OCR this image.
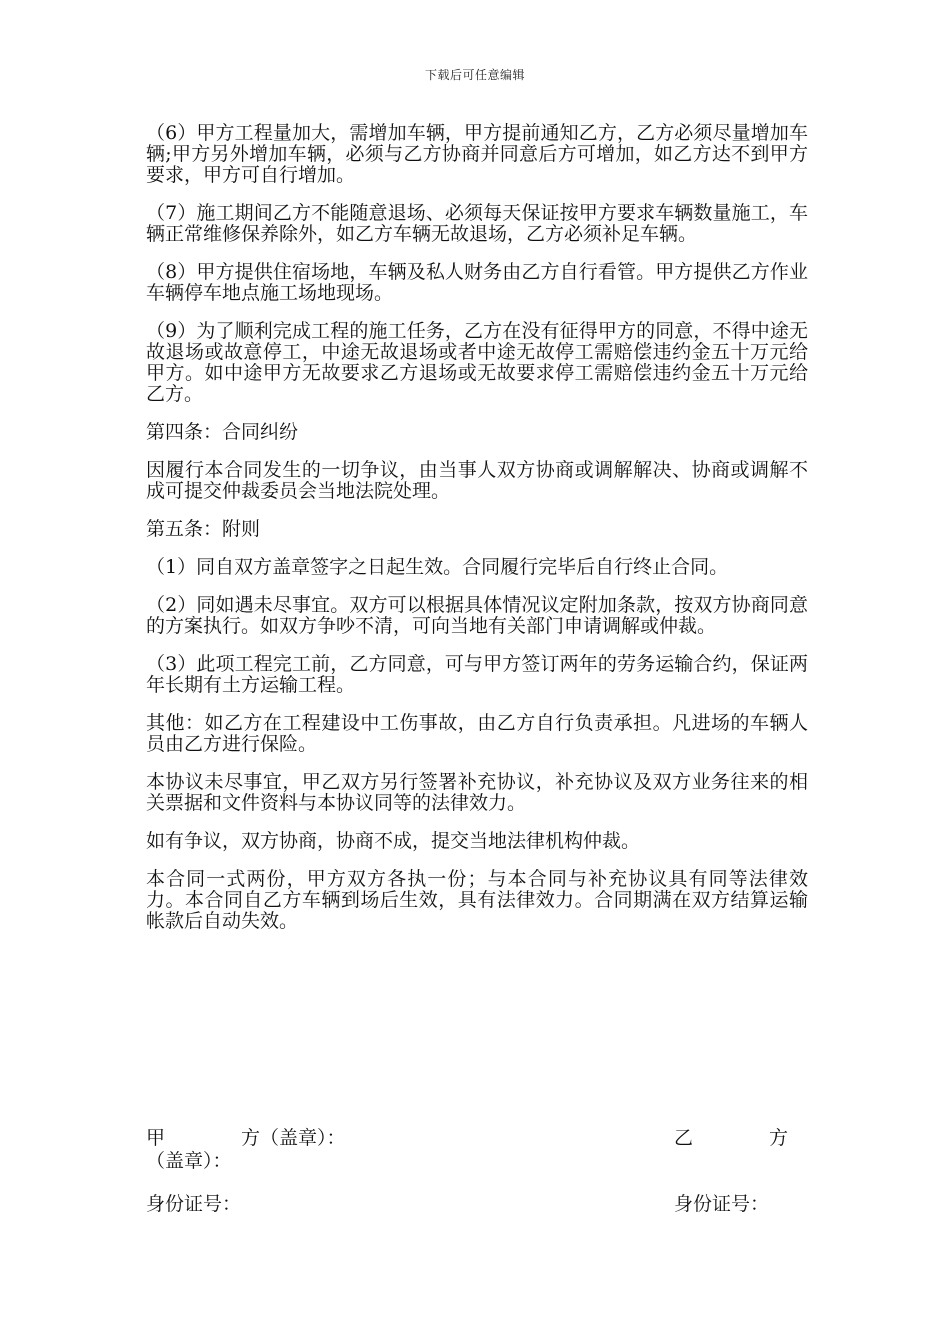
下载后可任意编辑

（6）甲方工程量加大，需增加车辆，甲方提前通知乙方，乙方必须尽量增加车辆;甲方另外增加车辆，必须与乙方协商并同意后方可增加，如乙方达不到甲方要求，甲方可自行增加。

（7）施工期间乙方不能随意退场、必须每天保证按甲方要求车辆数量施工，车辆正常维修保养除外，如乙方车辆无故退场，乙方必须补足车辆。

（8）甲方提供住宿场地，车辆及私人财务由乙方自行看管。甲方提供乙方作业车辆停车地点施工场地现场。

（9）为了顺利完成工程的施工任务，乙方在没有征得甲方的同意，不得中途无故退场或故意停工，中途无故退场或者中途无故停工需赔偿违约金五十万元给甲方。如中途甲方无故要求乙方退场或无故要求停工需赔偿违约金五十万元给乙方。

第四条：合同纠纷

因履行本合同发生的一切争议，由当事人双方协商或调解解决、协商或调解不成可提交仲裁委员会当地法院处理。

第五条：附则

（1）同自双方盖章签字之日起生效。合同履行完毕后自行终止合同。

（2）同如遇未尽事宜。双方可以根据具体情况议定附加条款，按双方协商同意的方案执行。如双方争吵不清，可向当地有关部门申请调解或仲裁。

（3）此项工程完工前，乙方同意，可与甲方签订两年的劳务运输合约，保证两年长期有土方运输工程。

其他：如乙方在工程建设中工伤事故，由乙方自行负责承担。凡进场的车辆人员由乙方进行保险。

本协议未尽事宜，甲乙双方另行签署补充协议，补充协议及双方业务往来的相关票据和文件资料与本协议同等的法律效力。

如有争议，双方协商，协商不成，提交当地法律机构仲裁。

本合同一式两份，甲方双方各执一份；与本合同与补充协议具有同等法律效力。本合同自乙方车辆到场后生效，具有法律效力。合同期满在双方结算运输帐款后自动失效。

甲　　　　方（盖章）：	乙　　　　方
（盖章）：
身份证号：	身份证号：
